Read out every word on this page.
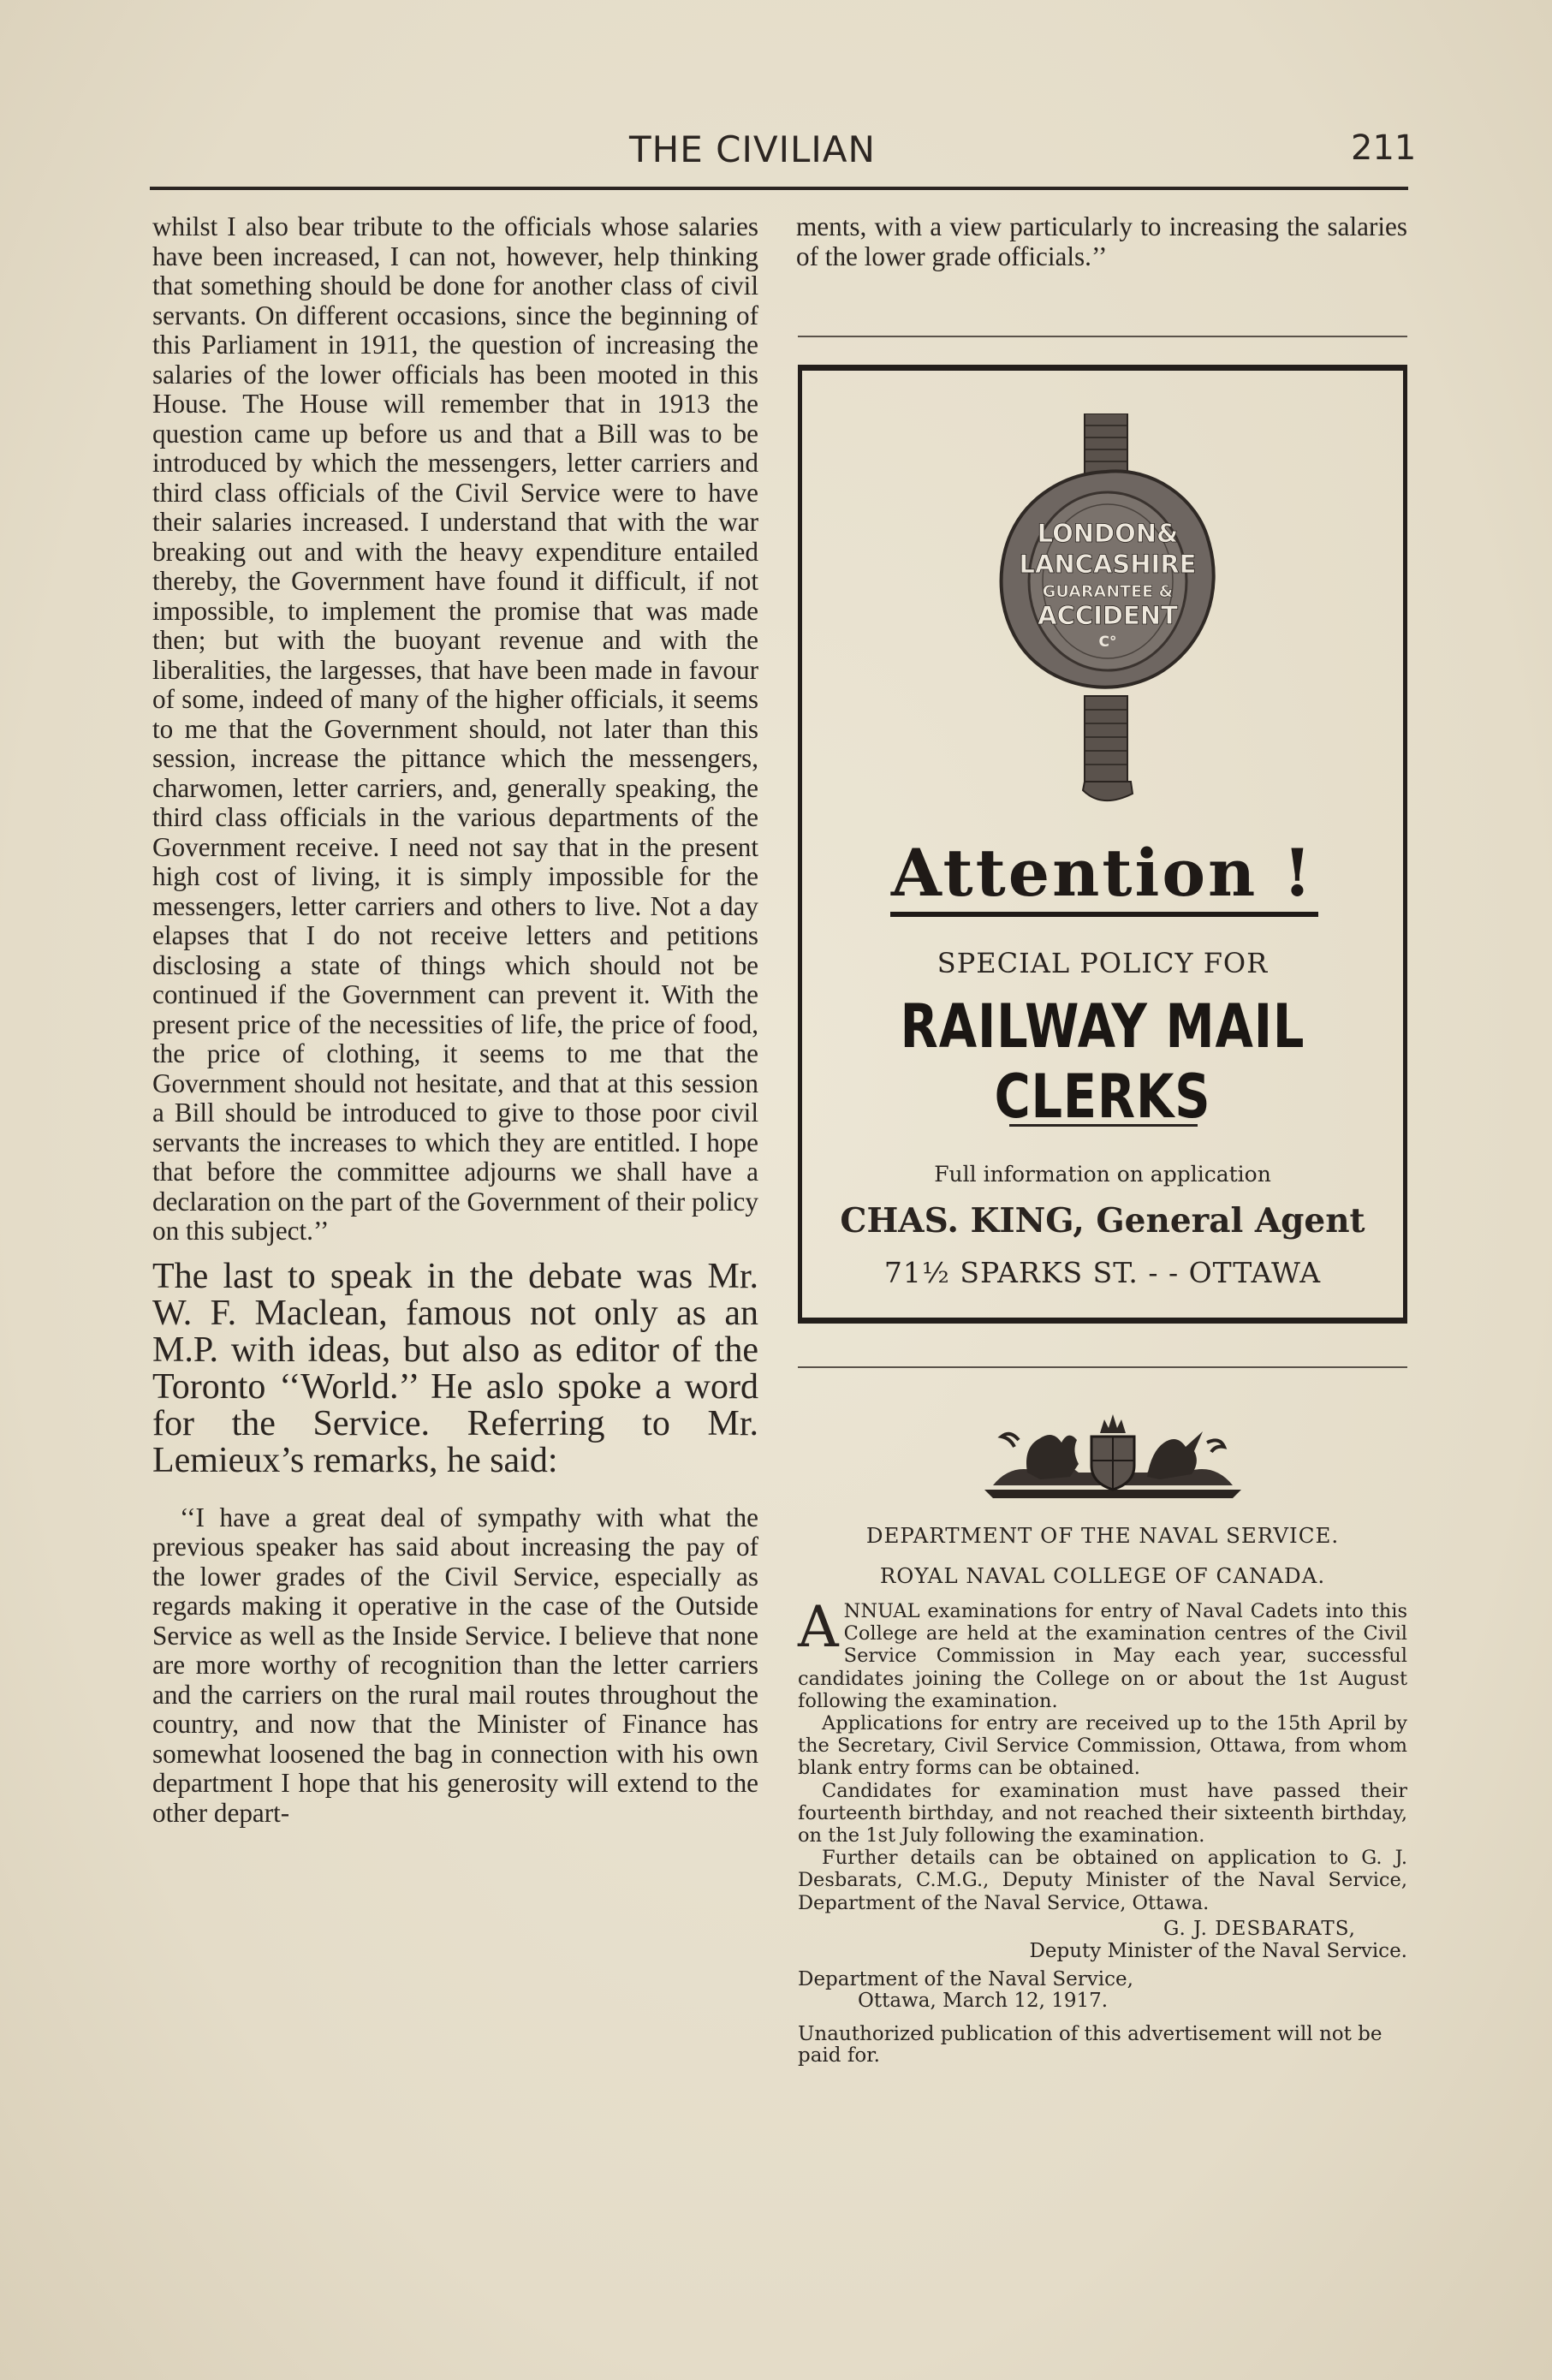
THE CIVILIAN	211

whilst I also bear tribute to the officials whose salaries have been increased, I can not, however, help thinking that something should be done for another class of civil servants. On different occasions, since the beginning of this Parliament in 1911, the question of increasing the salaries of the lower officials has been mooted in this House. The House will remember that in 1913 the question came up before us and that a Bill was to be introduced by which the messengers, letter carriers and third class officials of the Civil Service were to have their salaries increased. I understand that with the war breaking out and with the heavy expenditure entailed thereby, the Government have found it difficult, if not impossible, to implement the promise that was made then; but with the buoyant revenue and with the liberalities, the largesses, that have been made in favour of some, indeed of many of the higher officials, it seems to me that the Government should, not later than this session, increase the pittance which the messengers, charwomen, letter carriers, and, generally speaking, the third class officials in the various departments of the Government receive. I need not say that in the present high cost of living, it is simply impossible for the messengers, letter carriers and others to live. Not a day elapses that I do not receive letters and petitions disclosing a state of things which should not be continued if the Government can prevent it. With the present price of the necessities of life, the price of food, the price of clothing, it seems to me that the Government should not hesitate, and that at this session a Bill should be introduced to give to those poor civil servants the increases to which they are entitled. I hope that before the committee adjourns we shall have a declaration on the part of the Government of their policy on this subject.’’

The last to speak in the debate was Mr. W. F. Maclean, famous not only as an M.P. with ideas, but also as editor of the Toronto ‘‘World.’’ He aslo spoke a word for the Service. Referring to Mr. Lemieux’s remarks, he said:

‘‘I have a great deal of sympathy with what the previous speaker has said about increasing the pay of the lower grades of the Civil Service, especially as regards making it operative in the case of the Outside Service as well as the Inside Service. I believe that none are more worthy of recognition than the letter carriers and the carriers on the rural mail routes throughout the country, and now that the Minister of Finance has somewhat loosened the bag in connection with his own department I hope that his generosity will extend to the other depart-

ments, with a view particularly to increasing the salaries of the lower grade officials.’’

LONDON&
LANCASHIRE
GUARANTEE &
ACCIDENT
C°
Attention !
SPECIAL POLICY FOR
RAILWAY MAIL CLERKS
Full information on application
CHAS. KING, General Agent
71½ SPARKS ST. - - OTTAWA
DEPARTMENT OF THE NAVAL SERVICE.
ROYAL NAVAL COLLEGE OF CANADA.

ANNUAL examinations for entry of Naval Cadets into this College are held at the examination centres of the Civil Service Commission in May each year, successful candidates joining the College on or about the 1st August following the examination.

Applications for entry are received up to the 15th April by the Secretary, Civil Service Commission, Ottawa, from whom blank entry forms can be obtained.

Candidates for examination must have passed their fourteenth birthday, and not reached their sixteenth birthday, on the 1st July following the examination.

Further details can be obtained on application to G. J. Desbarats, C.M.G., Deputy Minister of the Naval Service, Department of the Naval Service, Ottawa.

G. J. DESBARATS,
Deputy Minister of the Naval Service.
Department of the Naval Service,
Ottawa, March 12, 1917.
Unauthorized publication of this advertisement will not be paid for.
